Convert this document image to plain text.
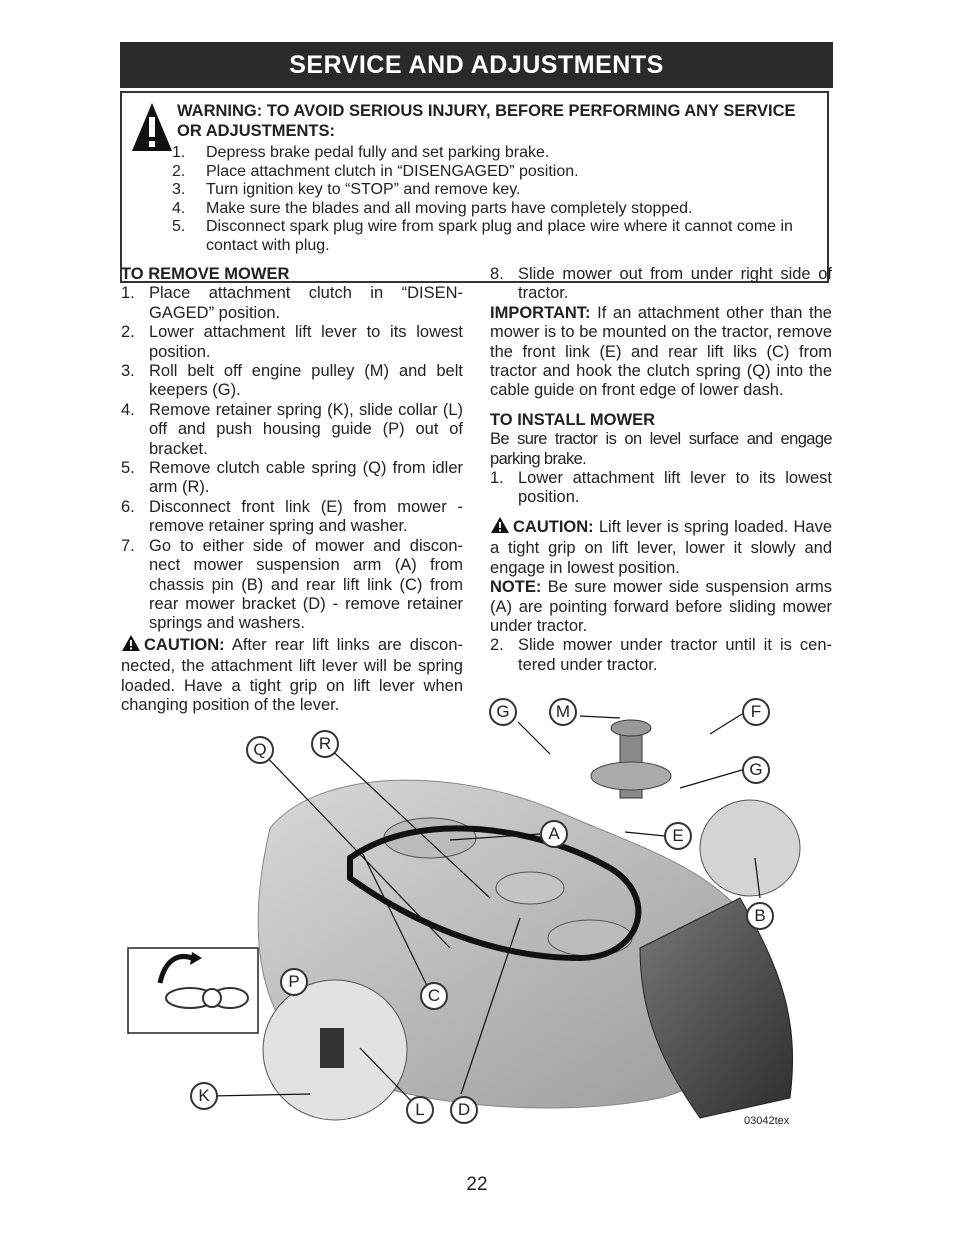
SERVICE AND ADJUSTMENTS
WARNING: TO AVOID SERIOUS INJURY, BEFORE PERFORMING ANY SERVICE OR ADJUSTMENTS:
1.	Depress brake pedal fully and set parking brake.
2.	Place attachment clutch in “DISENGAGED” position.
3.	Turn ignition key to “STOP” and remove key.
4.	Make sure the blades and all moving parts have completely stopped.
5.	Disconnect spark plug wire from spark plug and place wire where it cannot come in contact with plug.

TO REMOVE MOWER

1. Place attachment clutch in “DISEN-GAGED” position.
2. Lower attachment lift lever to its lowest position.
3. Roll belt off engine pulley (M) and belt keepers (G).
4. Remove retainer spring (K), slide collar (L) off and push housing guide (P) out of bracket.
5. Remove clutch cable spring (Q) from idler arm (R).
6. Disconnect front link (E) from mower - remove retainer spring and washer.
7. Go to either side of mower and discon-nect mower suspension arm (A) from chassis pin (B) and rear lift link (C) from rear mower bracket (D) - remove retainer springs and washers.

CAUTION: After rear lift links are discon-nected, the attachment lift lever will be spring loaded. Have a tight grip on lift lever when changing position of the lever.

8. Slide mower out from under right side of tractor.

IMPORTANT: If an attachment other than the mower is to be mounted on the tractor, remove the front link (E) and rear lift liks (C) from tractor and hook the clutch spring (Q) into the cable guide on front edge of lower dash.

TO INSTALL MOWER

Be sure tractor is on level surface and engage parking brake.

1. Lower attachment lift lever to its lowest position.

CAUTION: Lift lever is spring loaded. Have a tight grip on lift lever, lower it slowly and engage in lowest position.

NOTE: Be sure mower side suspension arms (A) are pointing forward before sliding mower under tractor.

2. Slide mower under tractor until it is cen-tered under tractor.
G	M	F
Q	R
G
A	E
B
P
C
K
L	D
03042tex
22
